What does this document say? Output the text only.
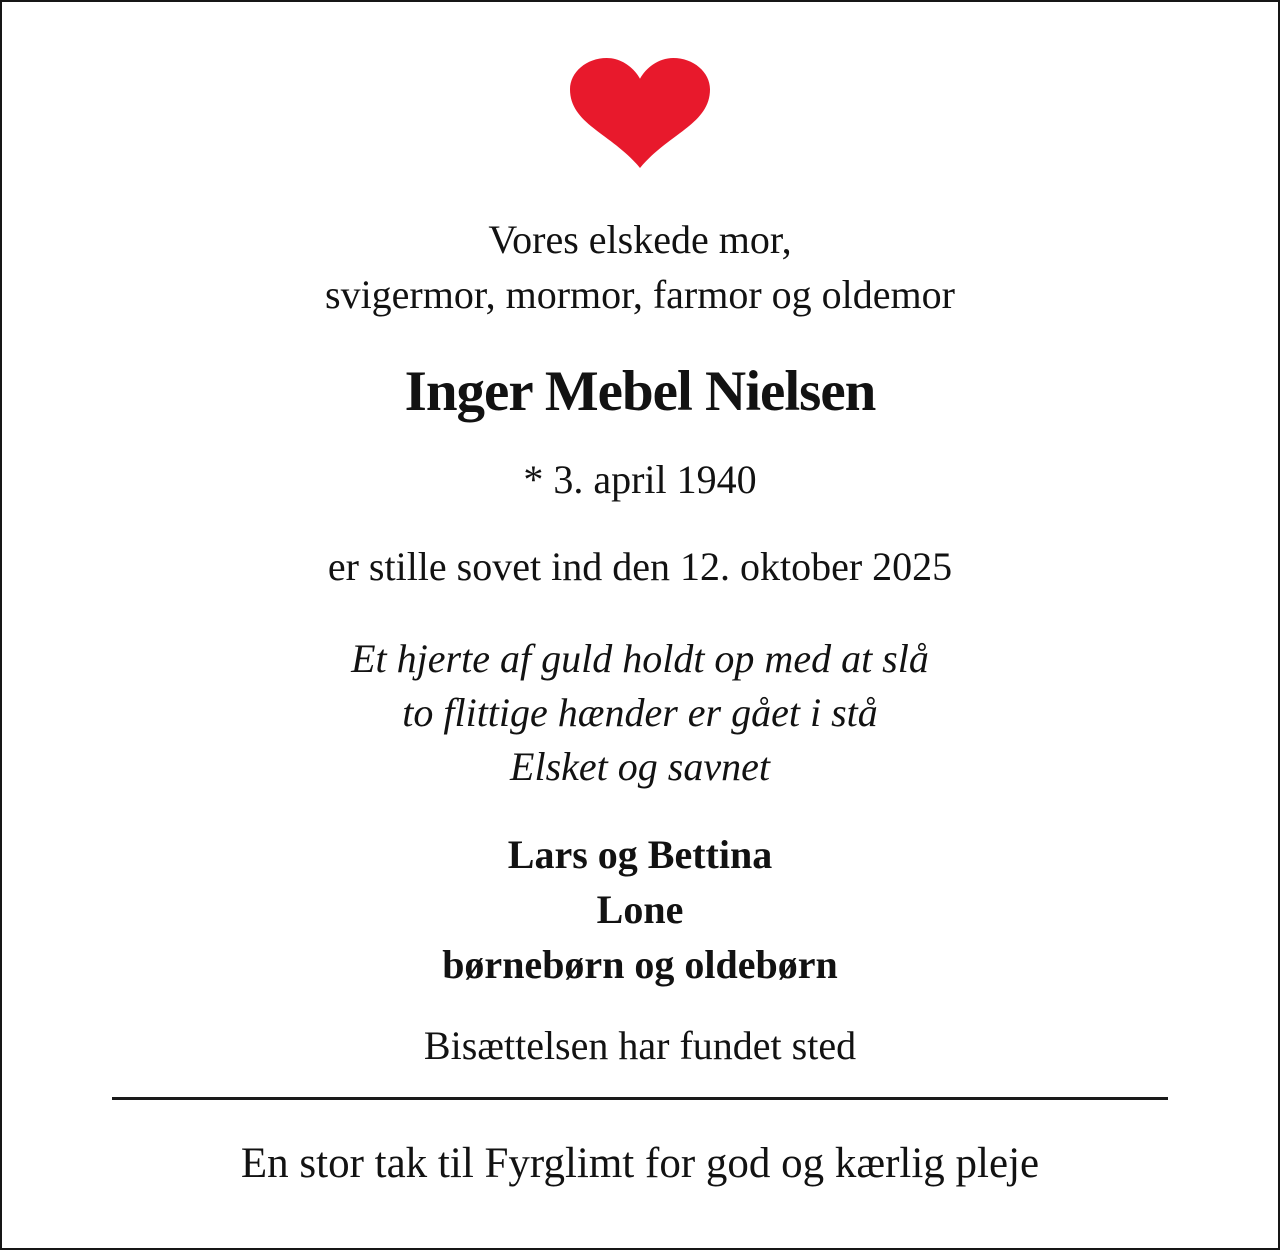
Vores elskede mor,
svigermor, mormor, farmor og oldemor
Inger Mebel Nielsen
* 3. april 1940
er stille sovet ind den 12. oktober 2025
Et hjerte af guld holdt op med at slå
to flittige hænder er gået i stå
Elsket og savnet
Lars og Bettina
Lone
børnebørn og oldebørn
Bisættelsen har fundet sted
En stor tak til Fyrglimt for god og kærlig pleje
